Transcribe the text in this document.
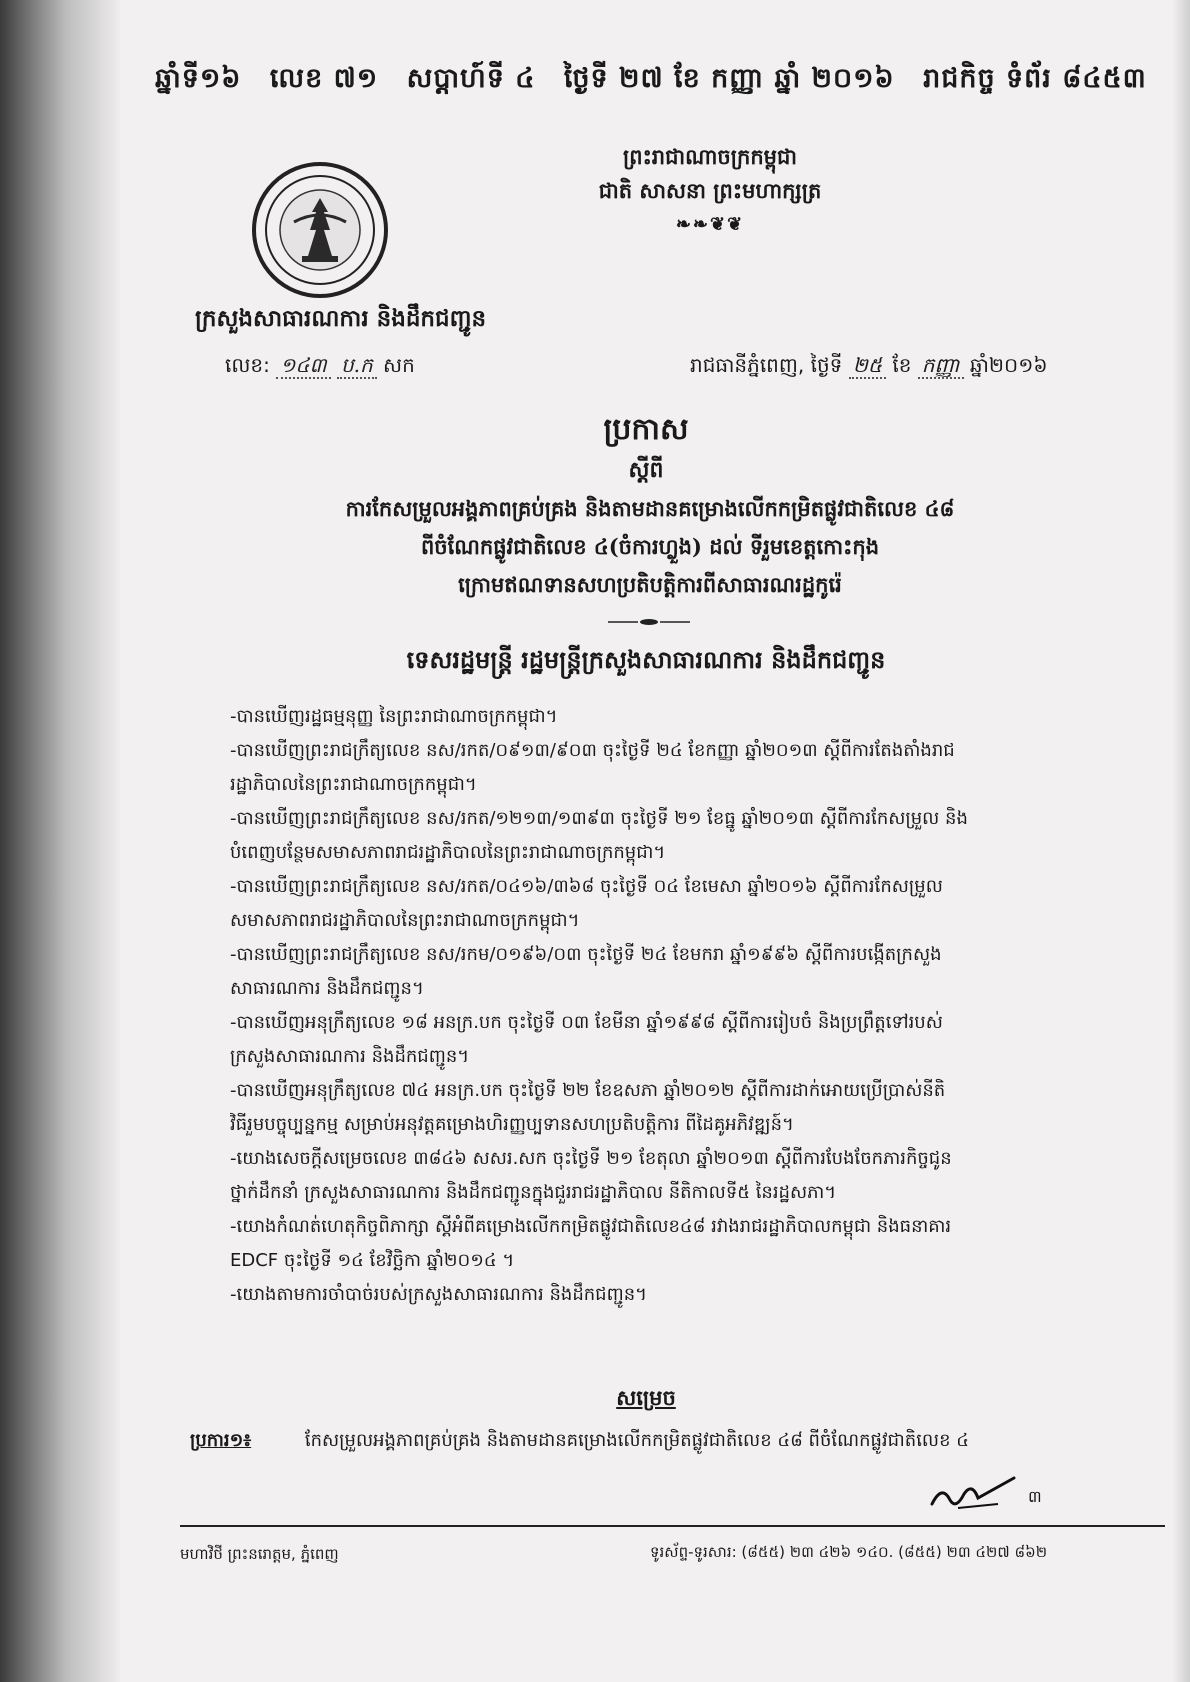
ឆ្នាំទី១៦ លេខ ៧១ សប្តាហ៍ទី ៤ ថ្ងៃទី ២៧ ខែ កញ្ញា ឆ្នាំ ២០១៦ រាជកិច្ច ទំព័រ ៨៤៥៣
ព្រះរាជាណាចក្រកម្ពុជា
ជាតិ សាសនា ព្រះមហាក្សត្រ
❧❧❦❦
ក្រសួងសាធារណការ និងដឹកជញ្ជូន
លេខ: ១៤៣ ប.ក សក	រាជធានីភ្នំពេញ, ថ្ងៃទី ២៥ ខែ កញ្ញា ឆ្នាំ២០១៦
ប្រកាស
ស្តីពី
ការកែសម្រួលអង្គភាពគ្រប់គ្រង និងតាមដានគម្រោងលើកកម្រិតផ្លូវជាតិលេខ ៤៨
ពីចំណែកផ្លូវជាតិលេខ ៤(ចំការហ្លួង) ដល់ ទីរួមខេត្តកោះកុង
ក្រោមឥណទានសហប្រតិបត្តិការពីសាធារណរដ្ឋកូរ៉េ
ទេសរដ្ឋមន្ត្រី រដ្ឋមន្ត្រីក្រសួងសាធារណការ និងដឹកជញ្ជូន
-បានឃើញរដ្ឋធម្មនុញ្ញ នៃព្រះរាជាណាចក្រកម្ពុជា។
-បានឃើញព្រះរាជក្រឹត្យលេខ នស/រកត/០៩១៣/៩០៣ ចុះថ្ងៃទី ២៤ ខែកញ្ញា ឆ្នាំ២០១៣ ស្តីពីការតែងតាំងរាជ
រដ្ឋាភិបាលនៃព្រះរាជាណាចក្រកម្ពុជា។
-បានឃើញព្រះរាជក្រឹត្យលេខ នស/រកត/១២១៣/១៣៩៣ ចុះថ្ងៃទី ២១ ខែធ្នូ ឆ្នាំ២០១៣ ស្តីពីការកែសម្រួល និង
បំពេញបន្ថែមសមាសភាពរាជរដ្ឋាភិបាលនៃព្រះរាជាណាចក្រកម្ពុជា។
-បានឃើញព្រះរាជក្រឹត្យលេខ នស/រកត/០៤១៦/៣៦៨ ចុះថ្ងៃទី ០៤ ខែមេសា ឆ្នាំ២០១៦ ស្តីពីការកែសម្រួល
សមាសភាពរាជរដ្ឋាភិបាលនៃព្រះរាជាណាចក្រកម្ពុជា។
-បានឃើញព្រះរាជក្រឹត្យលេខ នស/រកម/០១៩៦/០៣ ចុះថ្ងៃទី ២៤ ខែមករា ឆ្នាំ១៩៩៦ ស្តីពីការបង្កើតក្រសួង
សាធារណការ និងដឹកជញ្ជូន។
-បានឃើញអនុក្រឹត្យលេខ ១៨ អនក្រ.បក ចុះថ្ងៃទី ០៣ ខែមីនា ឆ្នាំ១៩៩៨ ស្តីពីការរៀបចំ និងប្រព្រឹត្តទៅរបស់
ក្រសួងសាធារណការ និងដឹកជញ្ជូន។
-បានឃើញអនុក្រឹត្យលេខ ៧៤ អនក្រ.បក ចុះថ្ងៃទី ២២ ខែឧសភា ឆ្នាំ២០១២ ស្តីពីការដាក់អោយប្រើប្រាស់នីតិ
វិធីរួមបច្ចុប្បន្នកម្ម សម្រាប់អនុវត្តគម្រោងហិរញ្ញប្បទានសហប្រតិបត្តិការ ពីដៃគូអភិវឌ្ឍន៍។
-យោងសេចក្តីសម្រេចលេខ ៣៨៤៦ សសរ.សក ចុះថ្ងៃទី ២១ ខែតុលា ឆ្នាំ២០១៣ ស្តីពីការបែងចែកភារកិច្ចជូន
ថ្នាក់ដឹកនាំ ក្រសួងសាធារណការ និងដឹកជញ្ជូនក្នុងជួររាជរដ្ឋាភិបាល នីតិកាលទី៥ នៃរដ្ឋសភា។
-យោងកំណត់ហេតុកិច្ចពិភាក្សា ស្តីអំពីគម្រោងលើកកម្រិតផ្លូវជាតិលេខ៤៨ រវាងរាជរដ្ឋាភិបាលកម្ពុជា និងធនាគារ
EDCF ចុះថ្ងៃទី ១៤ ខែវិច្ឆិកា ឆ្នាំ២០១៤ ។
-យោងតាមការចាំបាច់របស់ក្រសួងសាធារណការ និងដឹកជញ្ជូន។
សម្រេច
ប្រការ១៖	កែសម្រួលអង្គភាពគ្រប់គ្រង និងតាមដានគម្រោងលើកកម្រិតផ្លូវជាតិលេខ ៤៨ ពីចំណែកផ្លូវជាតិលេខ ៤
៣
មហាវិថី ព្រះនរោត្តម, ភ្នំពេញ	ទូរស័ព្ទ-ទូរសារ: (៨៥៥) ២៣ ៤២៦ ១៤០. (៨៥៥) ២៣ ៤២៧ ៨៦២
